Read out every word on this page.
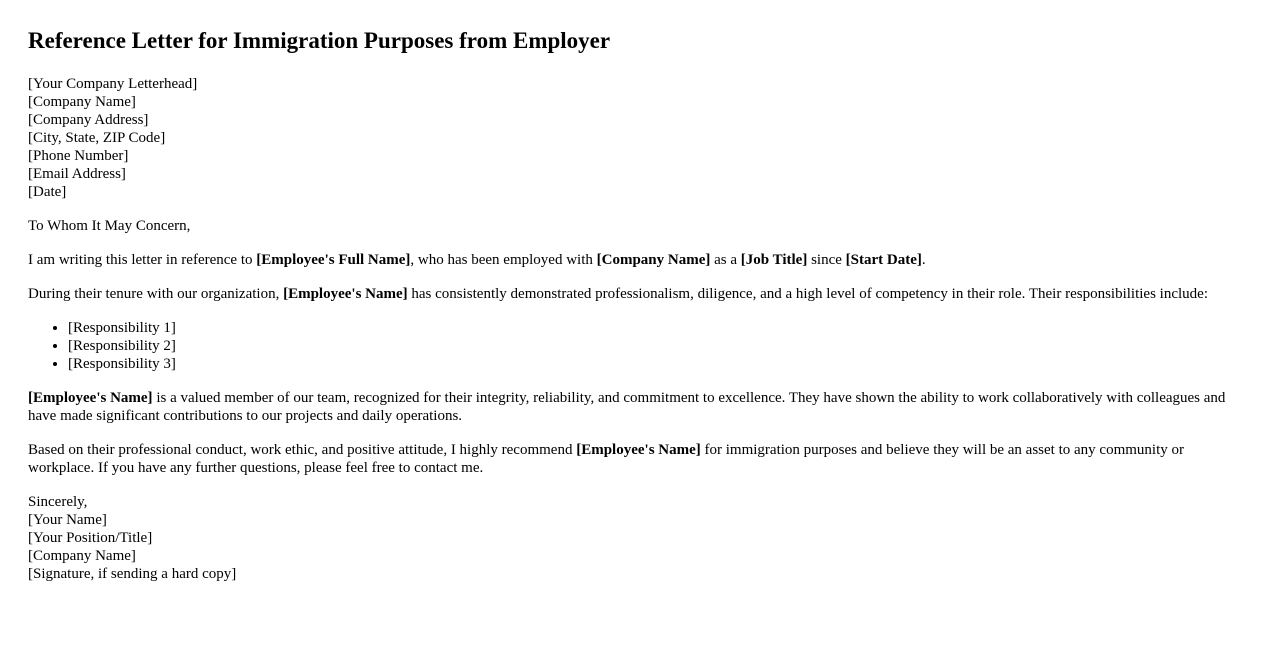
Reference Letter for Immigration Purposes from Employer

[Your Company Letterhead]
[Company Name]
[Company Address]
[City, State, ZIP Code]
[Phone Number]
[Email Address]
[Date]

To Whom It May Concern,

I am writing this letter in reference to [Employee's Full Name], who has been employed with [Company Name] as a [Job Title] since [Start Date].

During their tenure with our organization, [Employee's Name] has consistently demonstrated professionalism, diligence, and a high level of competency in their role. Their responsibilities include:

• [Responsibility 1]
• [Responsibility 2]
• [Responsibility 3]

[Employee's Name] is a valued member of our team, recognized for their integrity, reliability, and commitment to excellence. They have shown the ability to work collaboratively with colleagues and have made significant contributions to our projects and daily operations.

Based on their professional conduct, work ethic, and positive attitude, I highly recommend [Employee's Name] for immigration purposes and believe they will be an asset to any community or workplace. If you have any further questions, please feel free to contact me.

Sincerely,
[Your Name]
[Your Position/Title]
[Company Name]
[Signature, if sending a hard copy]
